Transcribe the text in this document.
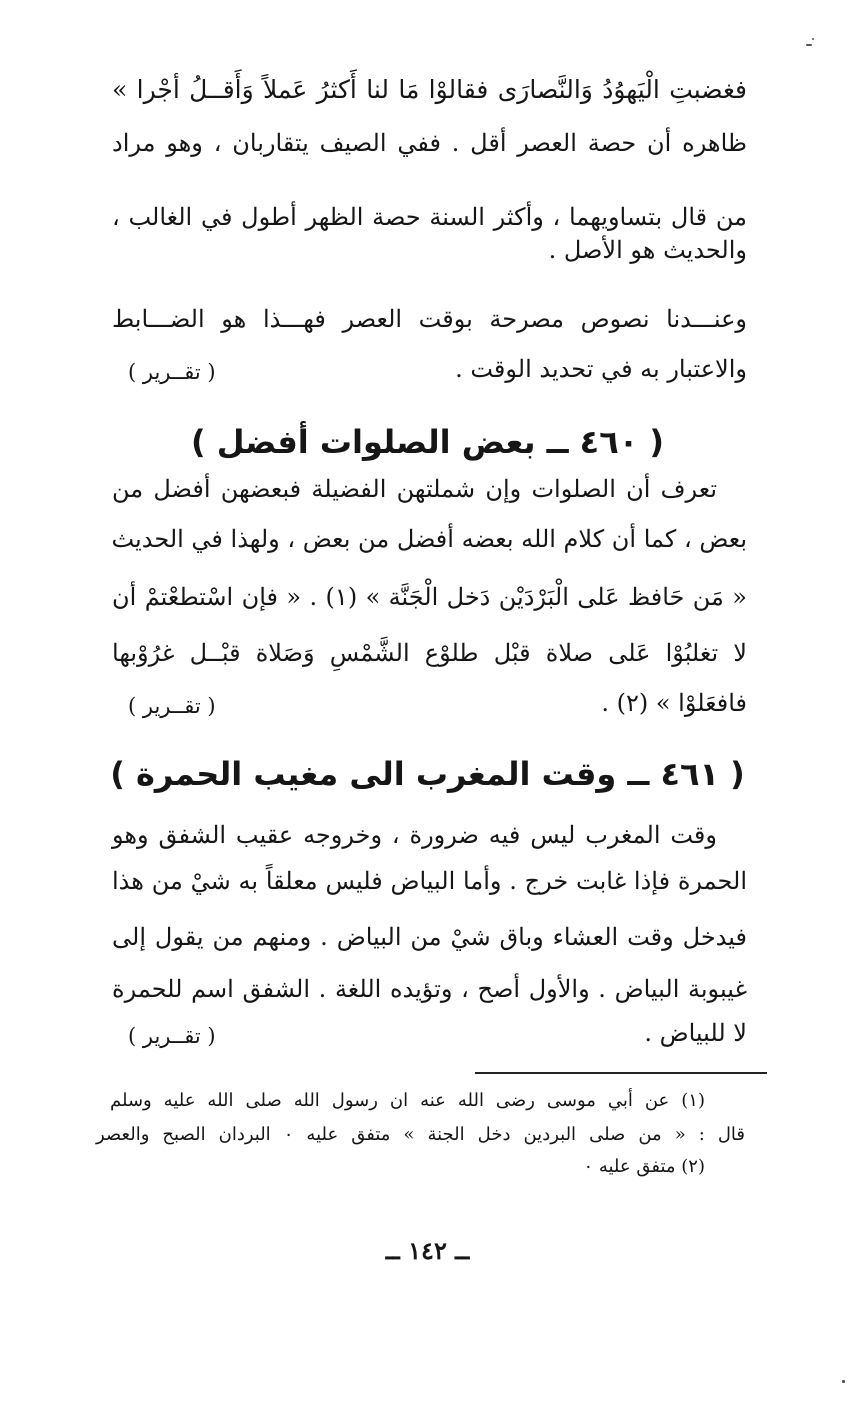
فغضبتِ الْيَهوُدُ وَالنَّصارَى فقالوْا مَا لنا أَكثرُ عَملاً وَأَقــلُ أجْرا »
ظاهره أن حصة العصر أقل . ففي الصيف يتقاربان ، وهو مراد
من قال بتساويهما ، وأكثر السنة حصة الظهر أطول في الغالب ،
والحديث هو الأصل .
وعنـــدنا نصوص مصرحة بوقت العصر فهـــذا هو الضـــابط
والاعتبار به في تحديد الوقت .
( تقــرير )
( ٤٦٠ ــ بعض الصلوات أفضل )
تعرف أن الصلوات وإن شملتهن الفضيلة فبعضهن أفضل من
بعض ، كما أن كلام الله بعضه أفضل من بعض ، ولهذا في الحديث
« مَن حَافظ عَلى الْبَرْدَيْن دَخل الْجَنَّة » (١) . « فإن اسْتطعْتمْ أن
لا تغلبُوْا عَلى صلاة قبْل طلوْع الشَّمْسِ وَصَلاة قبْــل غرُوْبها
فافعَلوْا » (٢) .
( تقــرير )
( ٤٦١ ــ وقت المغرب الى مغيب الحمرة )
وقت المغرب ليس فيه ضرورة ، وخروجه عقيب الشفق وهو
الحمرة فإذا غابت خرج . وأما البياض فليس معلقاً به شيْ من هذا
فيدخل وقت العشاء وباق شيْ من البياض . ومنهم من يقول إلى
غيبوبة البياض . والأول أصح ، وتؤيده اللغة . الشفق اسم للحمرة
لا للبياض .
( تقــرير )
(١) عن أبي موسى رضى الله عنه ان رسول الله صلى الله عليه وسلم
قال : « من صلى البردين دخل الجنة » متفق عليه ٠ البردان الصبح والعصر
(٢) متفق عليه ٠
ــ ١٤٢ ــ
